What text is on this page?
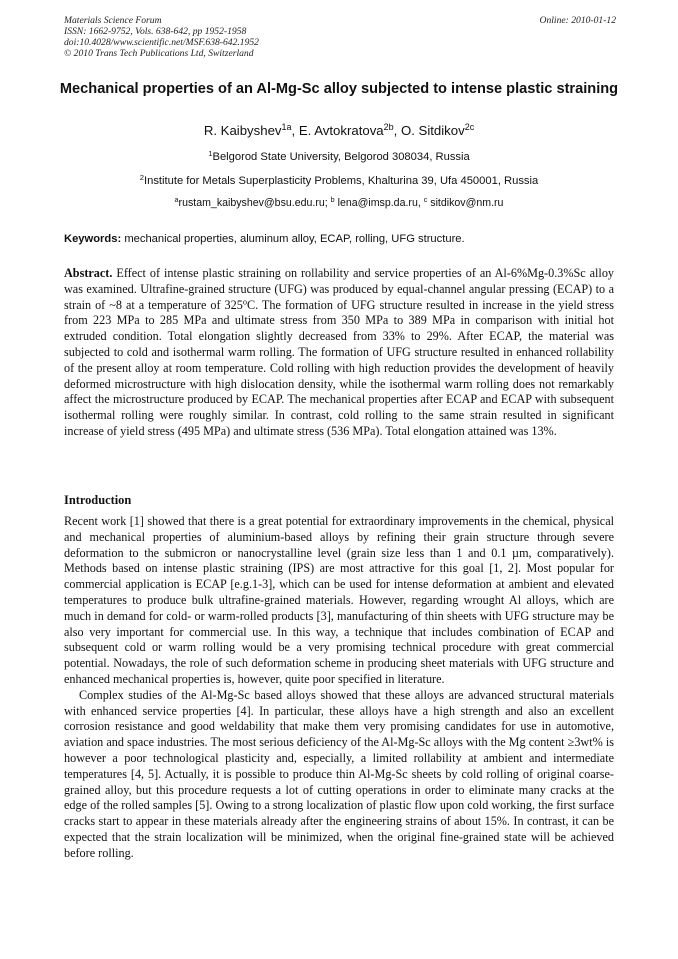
Materials Science Forum
ISSN: 1662-9752, Vols. 638-642, pp 1952-1958
doi:10.4028/www.scientific.net/MSF.638-642.1952
© 2010 Trans Tech Publications Ltd, Switzerland
Online: 2010-01-12
Mechanical properties of an Al-Mg-Sc alloy subjected to intense plastic straining
R. Kaibyshev$^{1a}$, E. Avtokratova$^{2b}$, O. Sitdikov$^{2c}$
$^1$Belgorod State University, Belgorod 308034, Russia
$^2$Institute for Metals Superplasticity Problems, Khalturina 39, Ufa 450001, Russia
$^a$rustam_kaibyshev@bsu.edu.ru; $^b$ lena@imsp.da.ru, $^c$ sitdikov@nm.ru
Keywords: mechanical properties, aluminum alloy, ECAP, rolling, UFG structure.
Abstract. Effect of intense plastic straining on rollability and service properties of an Al-6%Mg-0.3%Sc alloy was examined. Ultrafine-grained structure (UFG) was produced by equal-channel angular pressing (ECAP) to a strain of ~8 at a temperature of 325$^o$C. The formation of UFG structure resulted in increase in the yield stress from 223 MPa to 285 MPa and ultimate stress from 350 MPa to 389 MPa in comparison with initial hot extruded condition. Total elongation slightly decreased from 33% to 29%. After ECAP, the material was subjected to cold and isothermal warm rolling. The formation of UFG structure resulted in enhanced rollability of the present alloy at room temperature. Cold rolling with high reduction provides the development of heavily deformed microstructure with high dislocation density, while the isothermal warm rolling does not remarkably affect the microstructure produced by ECAP. The mechanical properties after ECAP and ECAP with subsequent isothermal rolling were roughly similar. In contrast, cold rolling to the same strain resulted in significant increase of yield stress (495 MPa) and ultimate stress (536 MPa). Total elongation attained was 13%.
Introduction

Recent work [1] showed that there is a great potential for extraordinary improvements in the chemical, physical and mechanical properties of aluminium-based alloys by refining their grain structure through severe deformation to the submicron or nanocrystalline level (grain size less than 1 and 0.1 µm, comparatively). Methods based on intense plastic straining (IPS) are most attractive for this goal [1, 2]. Most popular for commercial application is ECAP [e.g.1-3], which can be used for intense deformation at ambient and elevated temperatures to produce bulk ultrafine-grained materials. However, regarding wrought Al alloys, which are much in demand for cold- or warm-rolled products [3], manufacturing of thin sheets with UFG structure may be also very important for commercial use. In this way, a technique that includes combination of ECAP and subsequent cold or warm rolling would be a very promising technical procedure with great commercial potential. Nowadays, the role of such deformation scheme in producing sheet materials with UFG structure and enhanced mechanical properties is, however, quite poor specified in literature.

Complex studies of the Al-Mg-Sc based alloys showed that these alloys are advanced structural materials with enhanced service properties [4]. In particular, these alloys have a high strength and also an excellent corrosion resistance and good weldability that make them very promising candidates for use in automotive, aviation and space industries. The most serious deficiency of the Al-Mg-Sc alloys with the Mg content ≥3wt% is however a poor technological plasticity and, especially, a limited rollability at ambient and intermediate temperatures [4, 5]. Actually, it is possible to produce thin Al-Mg-Sc sheets by cold rolling of original coarse-grained alloy, but this procedure requests a lot of cutting operations in order to eliminate many cracks at the edge of the rolled samples [5]. Owing to a strong localization of plastic flow upon cold working, the first surface cracks start to appear in these materials already after the engineering strains of about 15%. In contrast, it can be expected that the strain localization will be minimized, when the original fine-grained state will be achieved before rolling.
